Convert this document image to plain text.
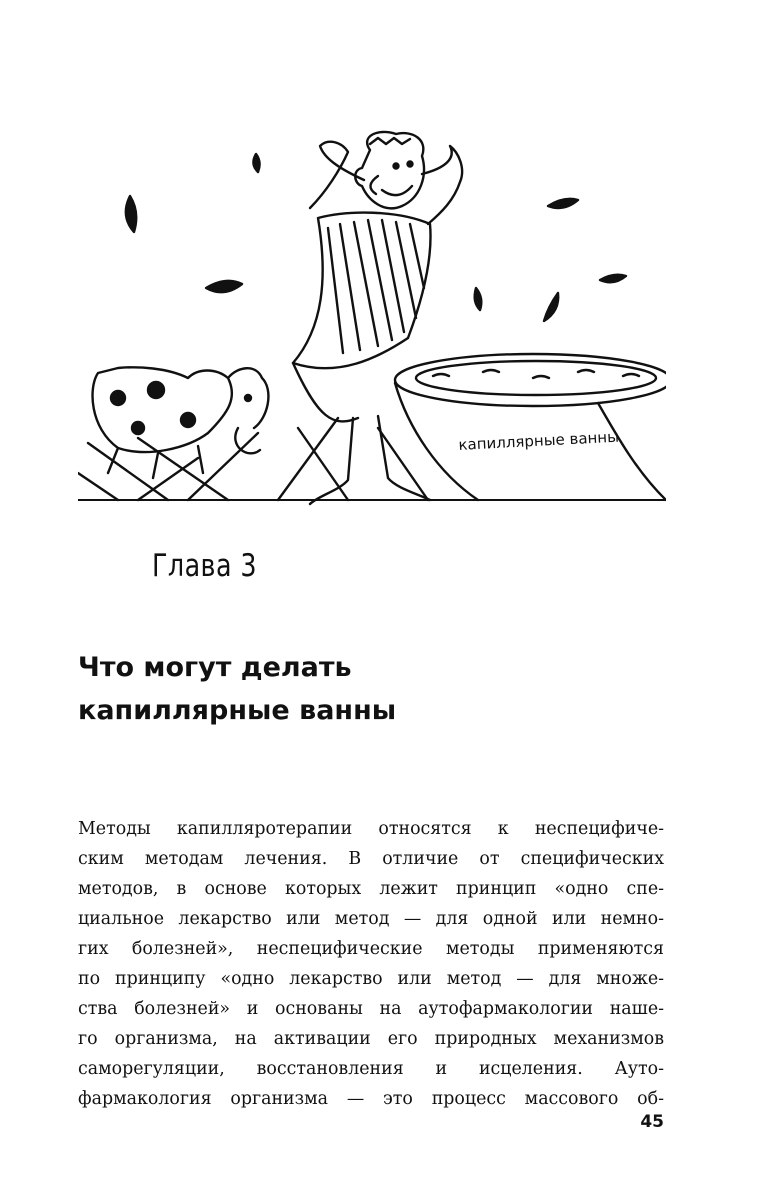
капиллярные ванны
Глава 3
Что могут делать
капиллярные ванны
Методы капилляротерапии относятся к неспецифиче-
ским методам лечения. В отличие от специфических
методов, в основе которых лежит принцип «одно спе-
циальное лекарство или метод — для одной или немно-
гих болезней», неспецифические методы применяются
по принципу «одно лекарство или метод — для множе-
ства болезней» и основаны на аутофармакологии наше-
го организма, на активации его природных механизмов
саморегуляции, восстановления и исцеления. Ауто-
фармакология организма — это процесс массового об-
45
